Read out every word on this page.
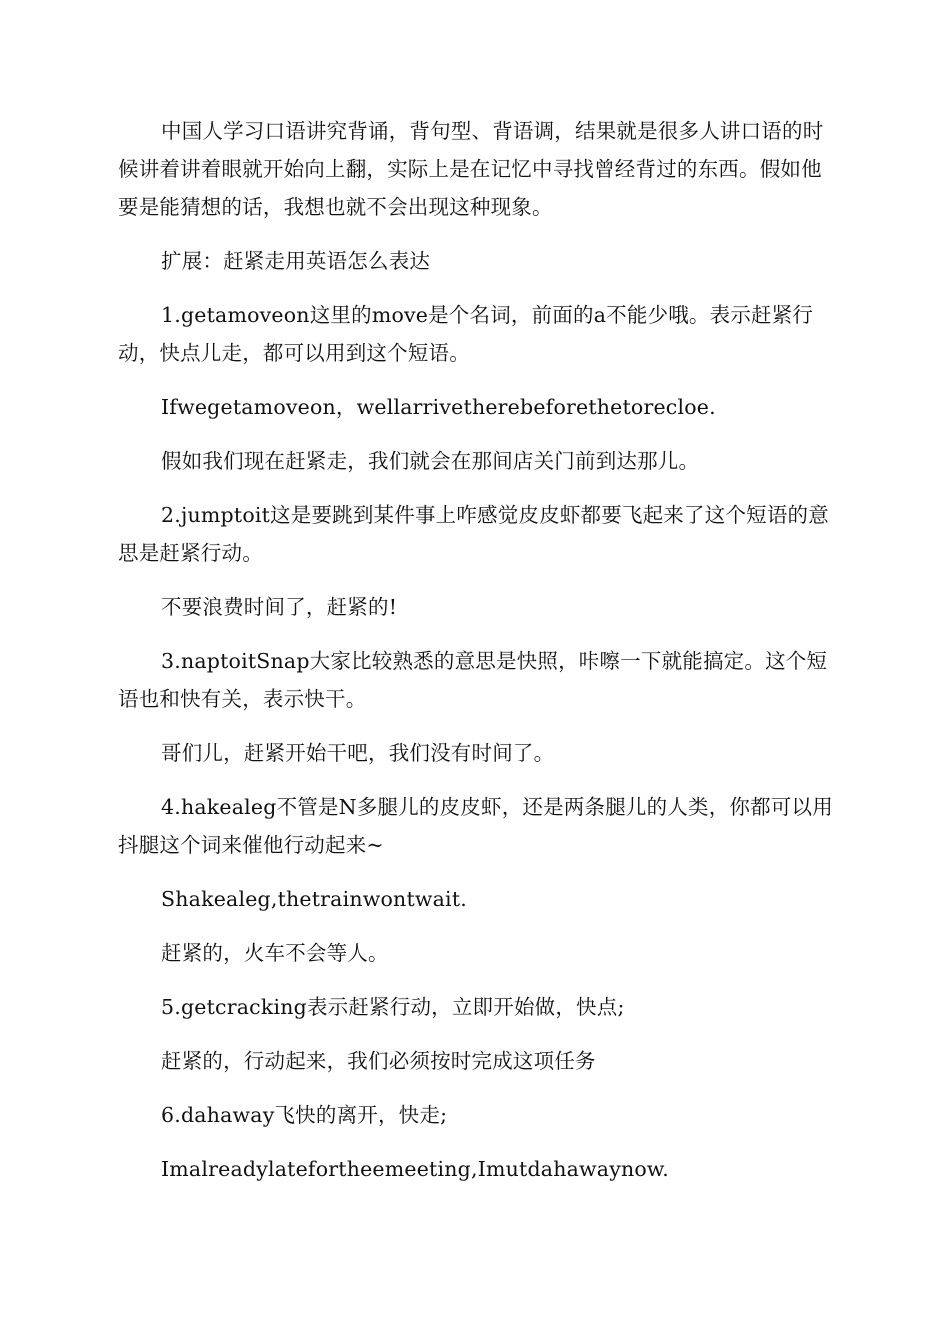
中国人学习口语讲究背诵，背句型、背语调，结果就是很多人讲口语的时候讲着讲着眼就开始向上翻，实际上是在记忆中寻找曾经背过的东西。假如他要是能猜想的话，我想也就不会出现这种现象。

扩展：赶紧走用英语怎么表达

1.getamoveon这里的move是个名词，前面的a不能少哦。表示赶紧行动，快点儿走，都可以用到这个短语。

Ifwegetamoveon，wellarrivetherebeforethetorecloe.

假如我们现在赶紧走，我们就会在那间店关门前到达那儿。

2.jumptoit这是要跳到某件事上咋感觉皮皮虾都要飞起来了这个短语的意思是赶紧行动。

不要浪费时间了，赶紧的!

3.naptoitSnap大家比较熟悉的意思是快照，咔嚓一下就能搞定。这个短语也和快有关，表示快干。

哥们儿，赶紧开始干吧，我们没有时间了。

4.hakealeg不管是N多腿儿的皮皮虾，还是两条腿儿的人类，你都可以用抖腿这个词来催他行动起来~

Shakealeg,thetrainwontwait.

赶紧的，火车不会等人。

5.getcracking表示赶紧行动，立即开始做，快点;

赶紧的，行动起来，我们必须按时完成这项任务

6.dahaway飞快的离开，快走;

Imalreadylatefortheemeeting,Imutdahawaynow.
